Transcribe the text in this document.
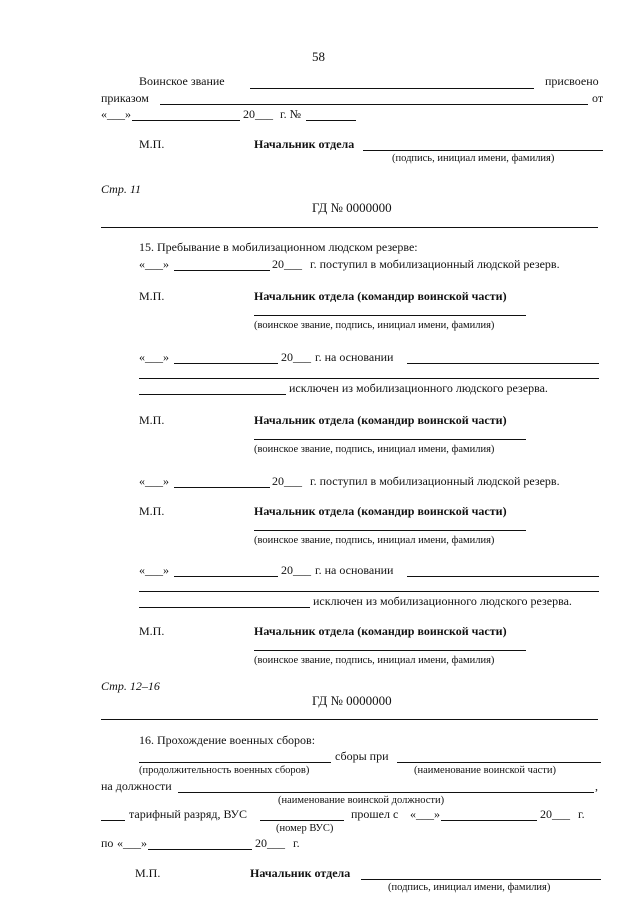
58
Воинское звание	присвоено
приказом	от
«___»	20___ г. №
М.П.	Начальник отдела
(подпись, инициал имени, фамилия)
Стр. 11
ГД № 0000000
15. Пребывание в мобилизационном людском резерве:
«___»	20___ г. поступил в мобилизационный людской резерв.
М.П.	Начальник отдела (командир воинской части)
(воинское звание, подпись, инициал имени, фамилия)
«___»	20___ г. на основании
исключен из мобилизационного людского резерва.
М.П.	Начальник отдела (командир воинской части)
(воинское звание, подпись, инициал имени, фамилия)
«___»	20___ г. поступил в мобилизационный людской резерв.
М.П.	Начальник отдела (командир воинской части)
(воинское звание, подпись, инициал имени, фамилия)
«___»	20___ г. на основании
исключен из мобилизационного людского резерва.
М.П.	Начальник отдела (командир воинской части)
(воинское звание, подпись, инициал имени, фамилия)
Стр. 12–16
ГД № 0000000
16. Прохождение военных сборов:
сборы при
(продолжительность военных сборов)	(наименование воинской части)
на должности	,
(наименование воинской должности)
тарифный разряд, ВУС	прошел с «___»	20___ г.
(номер ВУС)
по «___»	20___ г.
М.П.	Начальник отдела
(подпись, инициал имени, фамилия)
